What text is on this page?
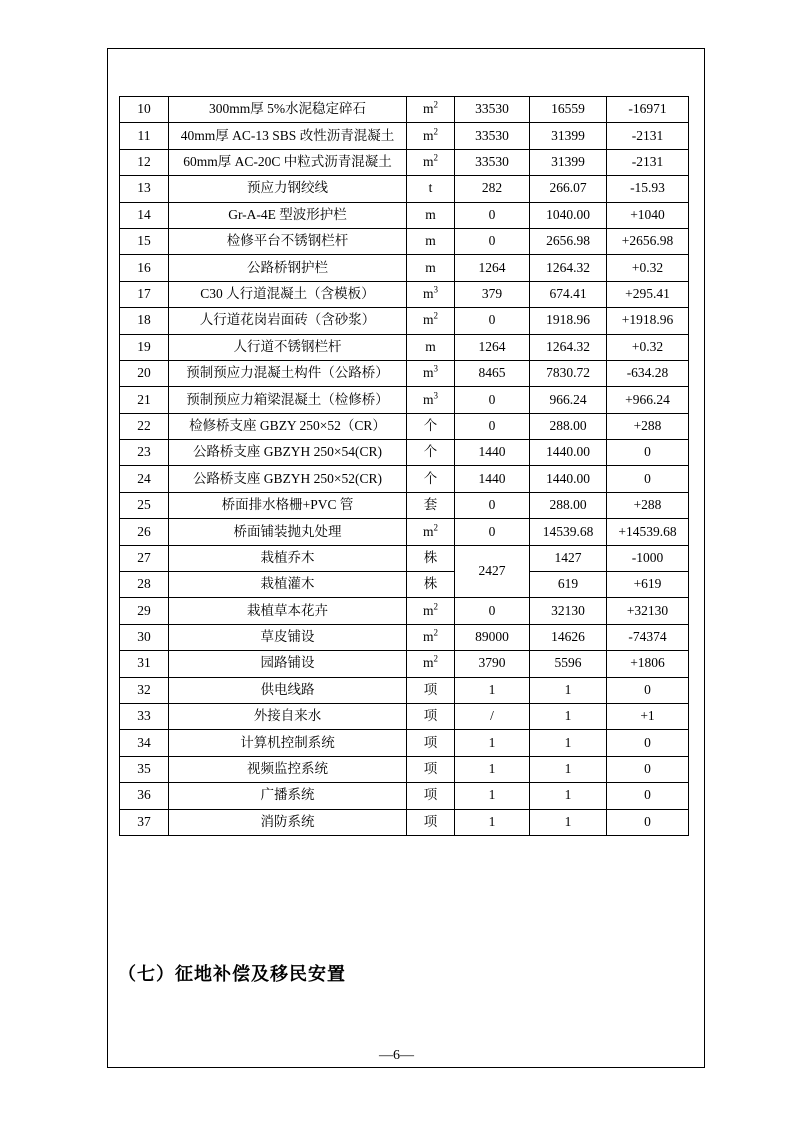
10	300mm厚 5%水泥稳定碎石	$m^2$	33530	16559	-16971
11	40mm厚 AC-13 SBS 改性沥青混凝土	$m^2$	33530	31399	-2131
12	60mm厚 AC-20C 中粒式沥青混凝土	$m^2$	33530	31399	-2131
13	预应力钢绞线	t	282	266.07	-15.93
14	Gr-A-4E 型波形护栏	m	0	1040.00	+1040
15	检修平台不锈钢栏杆	m	0	2656.98	+2656.98
16	公路桥钢护栏	m	1264	1264.32	+0.32
17	C30 人行道混凝土（含模板）	$m^3$	379	674.41	+295.41
18	人行道花岗岩面砖（含砂浆）	$m^2$	0	1918.96	+1918.96
19	人行道不锈钢栏杆	m	1264	1264.32	+0.32
20	预制预应力混凝土构件（公路桥）	$m^3$	8465	7830.72	-634.28
21	预制预应力箱梁混凝土（检修桥）	$m^3$	0	966.24	+966.24
22	检修桥支座 GBZY 250×52（CR）	个	0	288.00	+288
23	公路桥支座 GBZYH 250×54(CR)	个	1440	1440.00	0
24	公路桥支座 GBZYH 250×52(CR)	个	1440	1440.00	0
25	桥面排水格栅+PVC 管	套	0	288.00	+288
26	桥面铺装抛丸处理	$m^2$	0	14539.68	+14539.68
27	栽植乔木	株	2427	1427	-1000
28	栽植灌木	株		619	+619
29	栽植草本花卉	$m^2$	0	32130	+32130
30	草皮铺设	$m^2$	89000	14626	-74374
31	园路铺设	$m^2$	3790	5596	+1806
32	供电线路	项	1	1	0
33	外接自来水	项	/	1	+1
34	计算机控制系统	项	1	1	0
35	视频监控系统	项	1	1	0
36	广播系统	项	1	1	0
37	消防系统	项	1	1	0
（七）征地补偿及移民安置
—6—
